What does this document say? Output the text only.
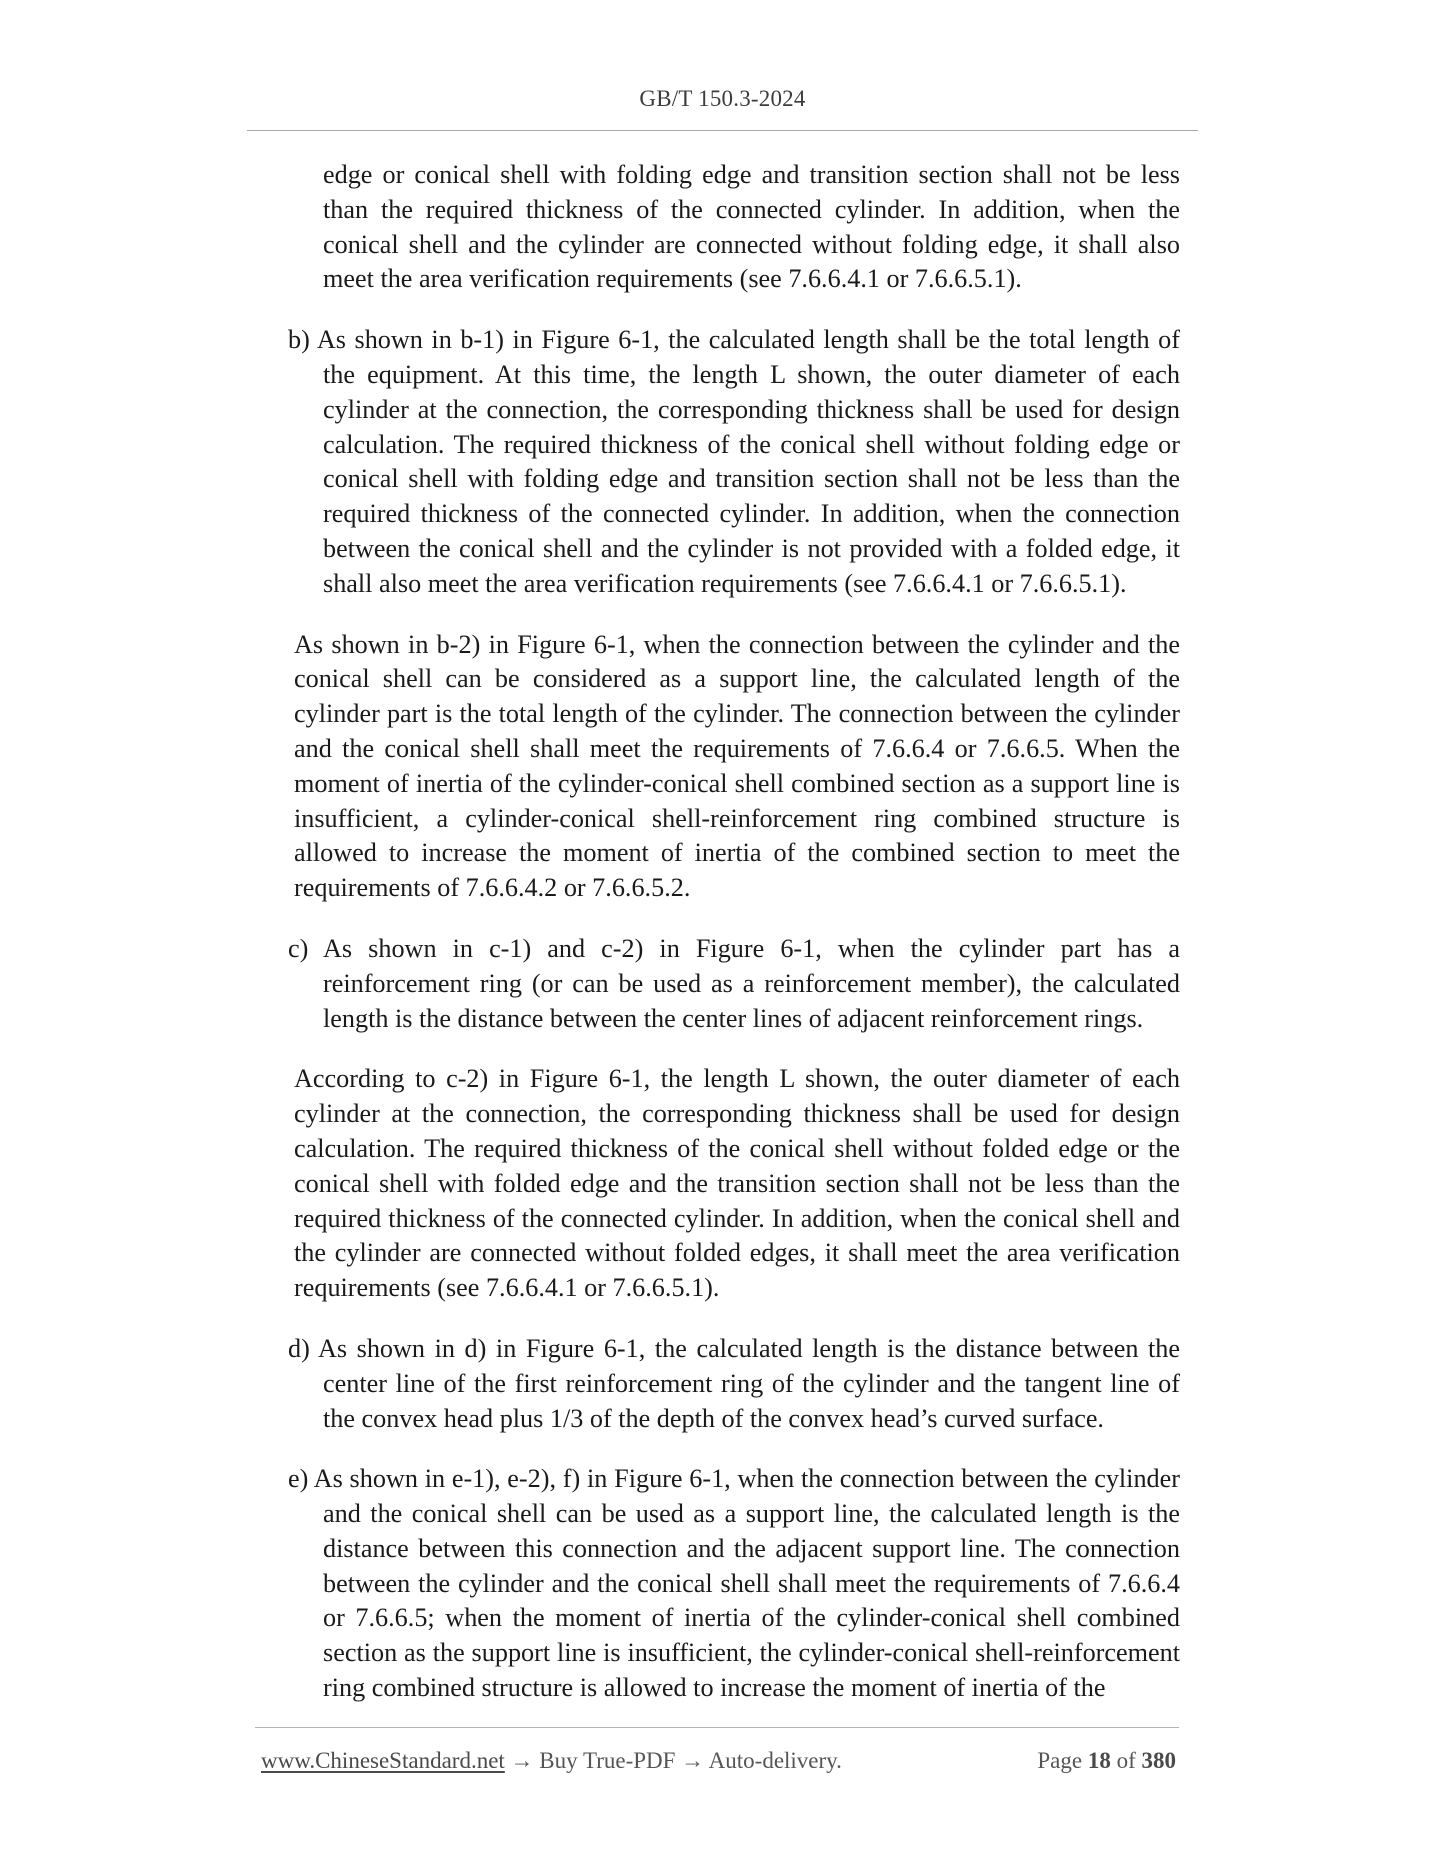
GB/T 150.3-2024

edge or conical shell with folding edge and transition section shall not be less than the required thickness of the connected cylinder. In addition, when the conical shell and the cylinder are connected without folding edge, it shall also meet the area verification requirements (see 7.6.6.4.1 or 7.6.6.5.1).

b) As shown in b-1) in Figure 6-1, the calculated length shall be the total length of the equipment. At this time, the length L shown, the outer diameter of each cylinder at the connection, the corresponding thickness shall be used for design calculation. The required thickness of the conical shell without folding edge or conical shell with folding edge and transition section shall not be less than the required thickness of the connected cylinder. In addition, when the connection between the conical shell and the cylinder is not provided with a folded edge, it shall also meet the area verification requirements (see 7.6.6.4.1 or 7.6.6.5.1).

As shown in b-2) in Figure 6-1, when the connection between the cylinder and the conical shell can be considered as a support line, the calculated length of the cylinder part is the total length of the cylinder. The connection between the cylinder and the conical shell shall meet the requirements of 7.6.6.4 or 7.6.6.5. When the moment of inertia of the cylinder-conical shell combined section as a support line is insufficient, a cylinder-conical shell-reinforcement ring combined structure is allowed to increase the moment of inertia of the combined section to meet the requirements of 7.6.6.4.2 or 7.6.6.5.2.

c) As shown in c-1) and c-2) in Figure 6-1, when the cylinder part has a reinforcement ring (or can be used as a reinforcement member), the calculated length is the distance between the center lines of adjacent reinforcement rings.

According to c-2) in Figure 6-1, the length L shown, the outer diameter of each cylinder at the connection, the corresponding thickness shall be used for design calculation. The required thickness of the conical shell without folded edge or the conical shell with folded edge and the transition section shall not be less than the required thickness of the connected cylinder. In addition, when the conical shell and the cylinder are connected without folded edges, it shall meet the area verification requirements (see 7.6.6.4.1 or 7.6.6.5.1).

d) As shown in d) in Figure 6-1, the calculated length is the distance between the center line of the first reinforcement ring of the cylinder and the tangent line of the convex head plus 1/3 of the depth of the convex head’s curved surface.

e) As shown in e-1), e-2), f) in Figure 6-1, when the connection between the cylinder and the conical shell can be used as a support line, the calculated length is the distance between this connection and the adjacent support line. The connection between the cylinder and the conical shell shall meet the requirements of 7.6.6.4 or 7.6.6.5; when the moment of inertia of the cylinder-conical shell combined section as the support line is insufficient, the cylinder-conical shell-reinforcement ring combined structure is allowed to increase the moment of inertia of the

www.ChineseStandard.net → Buy True-PDF → Auto-delivery.	Page 18 of 380
